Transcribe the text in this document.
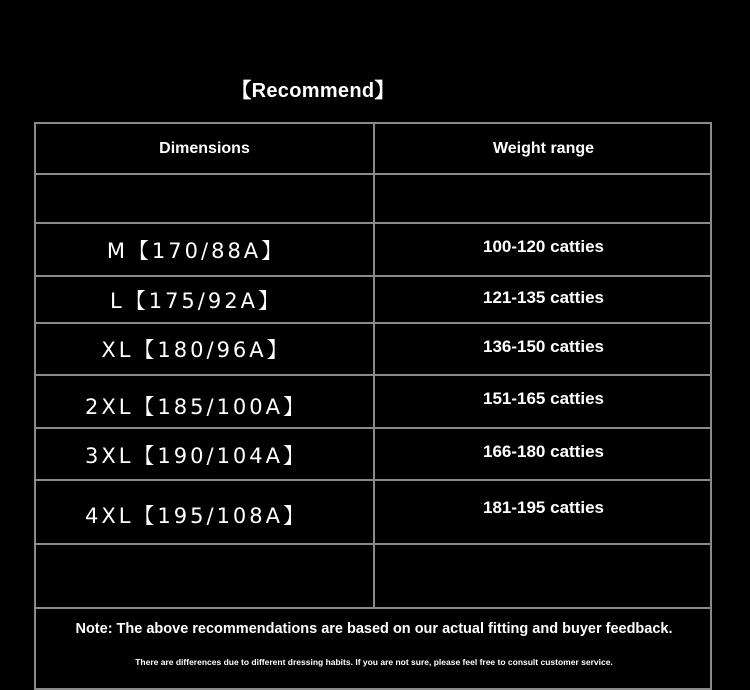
【Recommend】
Dimensions	Weight range
M【170/88A】	100-120 catties
L【175/92A】	121-135 catties
XL【180/96A】	136-150 catties
2XL【185/100A】	151-165 catties
3XL【190/104A】	166-180 catties
4XL【195/108A】	181-195 catties
Note: The above recommendations are based on our actual fitting and buyer feedback.
There are differences due to different dressing habits. If you are not sure, please feel free to consult customer service.
